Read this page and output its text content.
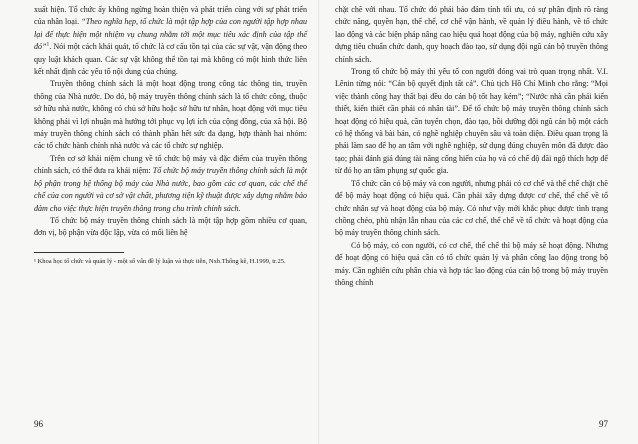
xuất hiện. Tổ chức ấy không ngừng hoàn thiện và phát triển cùng với sự phát triển của nhân loại. “Theo nghĩa hẹp, tổ chức là một tập hợp của con người tập hợp nhau lại để thực hiện một nhiệm vụ chung nhằm tới một mục tiêu xác định của tập thể đó”$^1$. Nói một cách khái quát, tổ chức là cơ cấu tồn tại của các sự vật, vận động theo quy luật khách quan. Các sự vật không thể tồn tại mà không có một hình thức liên kết nhất định các yếu tố nội dung của chúng.

Truyền thông chính sách là một hoạt động trong công tác thông tin, truyền thông của Nhà nước. Do đó, bộ máy truyền thông chính sách là tổ chức công, thuộc sở hữu nhà nước, không có chủ sở hữu hoặc sở hữu tư nhân, hoạt động với mục tiêu không phải vì lợi nhuận mà hướng tới phục vụ lợi ích của cộng đồng, của xã hội. Bộ máy truyền thông chính sách có thành phần hết sức đa dạng, hợp thành hai nhóm: các tổ chức hành chính nhà nước và các tổ chức sự nghiệp.

Trên cơ sở khái niệm chung về tổ chức bộ máy và đặc điểm của truyền thông chính sách, có thể đưa ra khái niệm: Tổ chức bộ máy truyền thông chính sách là một bộ phận trong hệ thống bộ máy của Nhà nước, bao gồm các cơ quan, các chế thể chế của con người và cơ sở vật chất, phương tiện kỹ thuật được xây dựng nhằm bảo đảm cho việc thực hiện truyền thông trong chu trình chính sách.

Tổ chức bộ máy truyền thông chính sách là một tập hợp gồm nhiều cơ quan, đơn vị, bộ phận vừa độc lập, vừa có mối liên hệ

¹ Khoa học tổ chức và quản lý - một số vấn đề lý luận và thực tiễn, Nxb.Thống kê, H.1999, tr.25.

96

chặt chẽ với nhau. Tổ chức đó phải bảo đảm tính tối ưu, có sự phân định rõ ràng chức năng, quyền hạn, thể chế, cơ chế vận hành, về quản lý điều hành, về tổ chức lao động và các biện pháp nâng cao hiệu quả hoạt động của bộ máy, nghiên cứu xây dựng tiêu chuẩn chức danh, quy hoạch đào tạo, sử dụng đội ngũ cán bộ truyền thông chính sách.

Trong tổ chức bộ máy thì yếu tố con người đóng vai trò quan trọng nhất. V.I. Lênin từng nói: “Cán bộ quyết định tất cả”. Chủ tịch Hồ Chí Minh cho rằng: “Mọi việc thành công hay thất bại đều do cán bộ tốt hay kém”; “Nước nhà cần phải kiến thiết, kiến thiết cần phải có nhân tài”. Để tổ chức bộ máy truyền thông chính sách hoạt động có hiệu quả, cần tuyển chọn, đào tạo, bồi dưỡng đội ngũ cán bộ một cách có hệ thống và bài bản, có nghề nghiệp chuyên sâu và toàn diện. Điều quan trọng là phải làm sao để họ an tâm với nghề nghiệp, sử dụng đúng chuyên môn đã được đào tạo; phải đánh giá đúng tài năng cống hiến của họ và có chế độ đãi ngộ thích hợp để từ đó họ an tâm phụng sự quốc gia.

Tổ chức cần có bộ máy và con người, nhưng phải có cơ chế và thể chế chặt chẽ để bộ máy hoạt động có hiệu quả. Cần phải xây dựng được cơ chế, thể chế về tổ chức nhân sự và hoạt động của bộ máy. Có như vậy mới khắc phục được tình trạng chồng chéo, phù nhận lẫn nhau của các cơ chế, thể chế về tổ chức và hoạt động của bộ máy truyền thông chính sách.

Có bộ máy, có con người, có cơ chế, thể chế thì bộ máy sẽ hoạt động. Nhưng để hoạt động có hiệu quả cần có tổ chức quản lý và phân công lao động trong bộ máy. Cần nghiên cứu phân chia và hợp tác lao động của cán bộ trong bộ máy truyền thông chính

97
